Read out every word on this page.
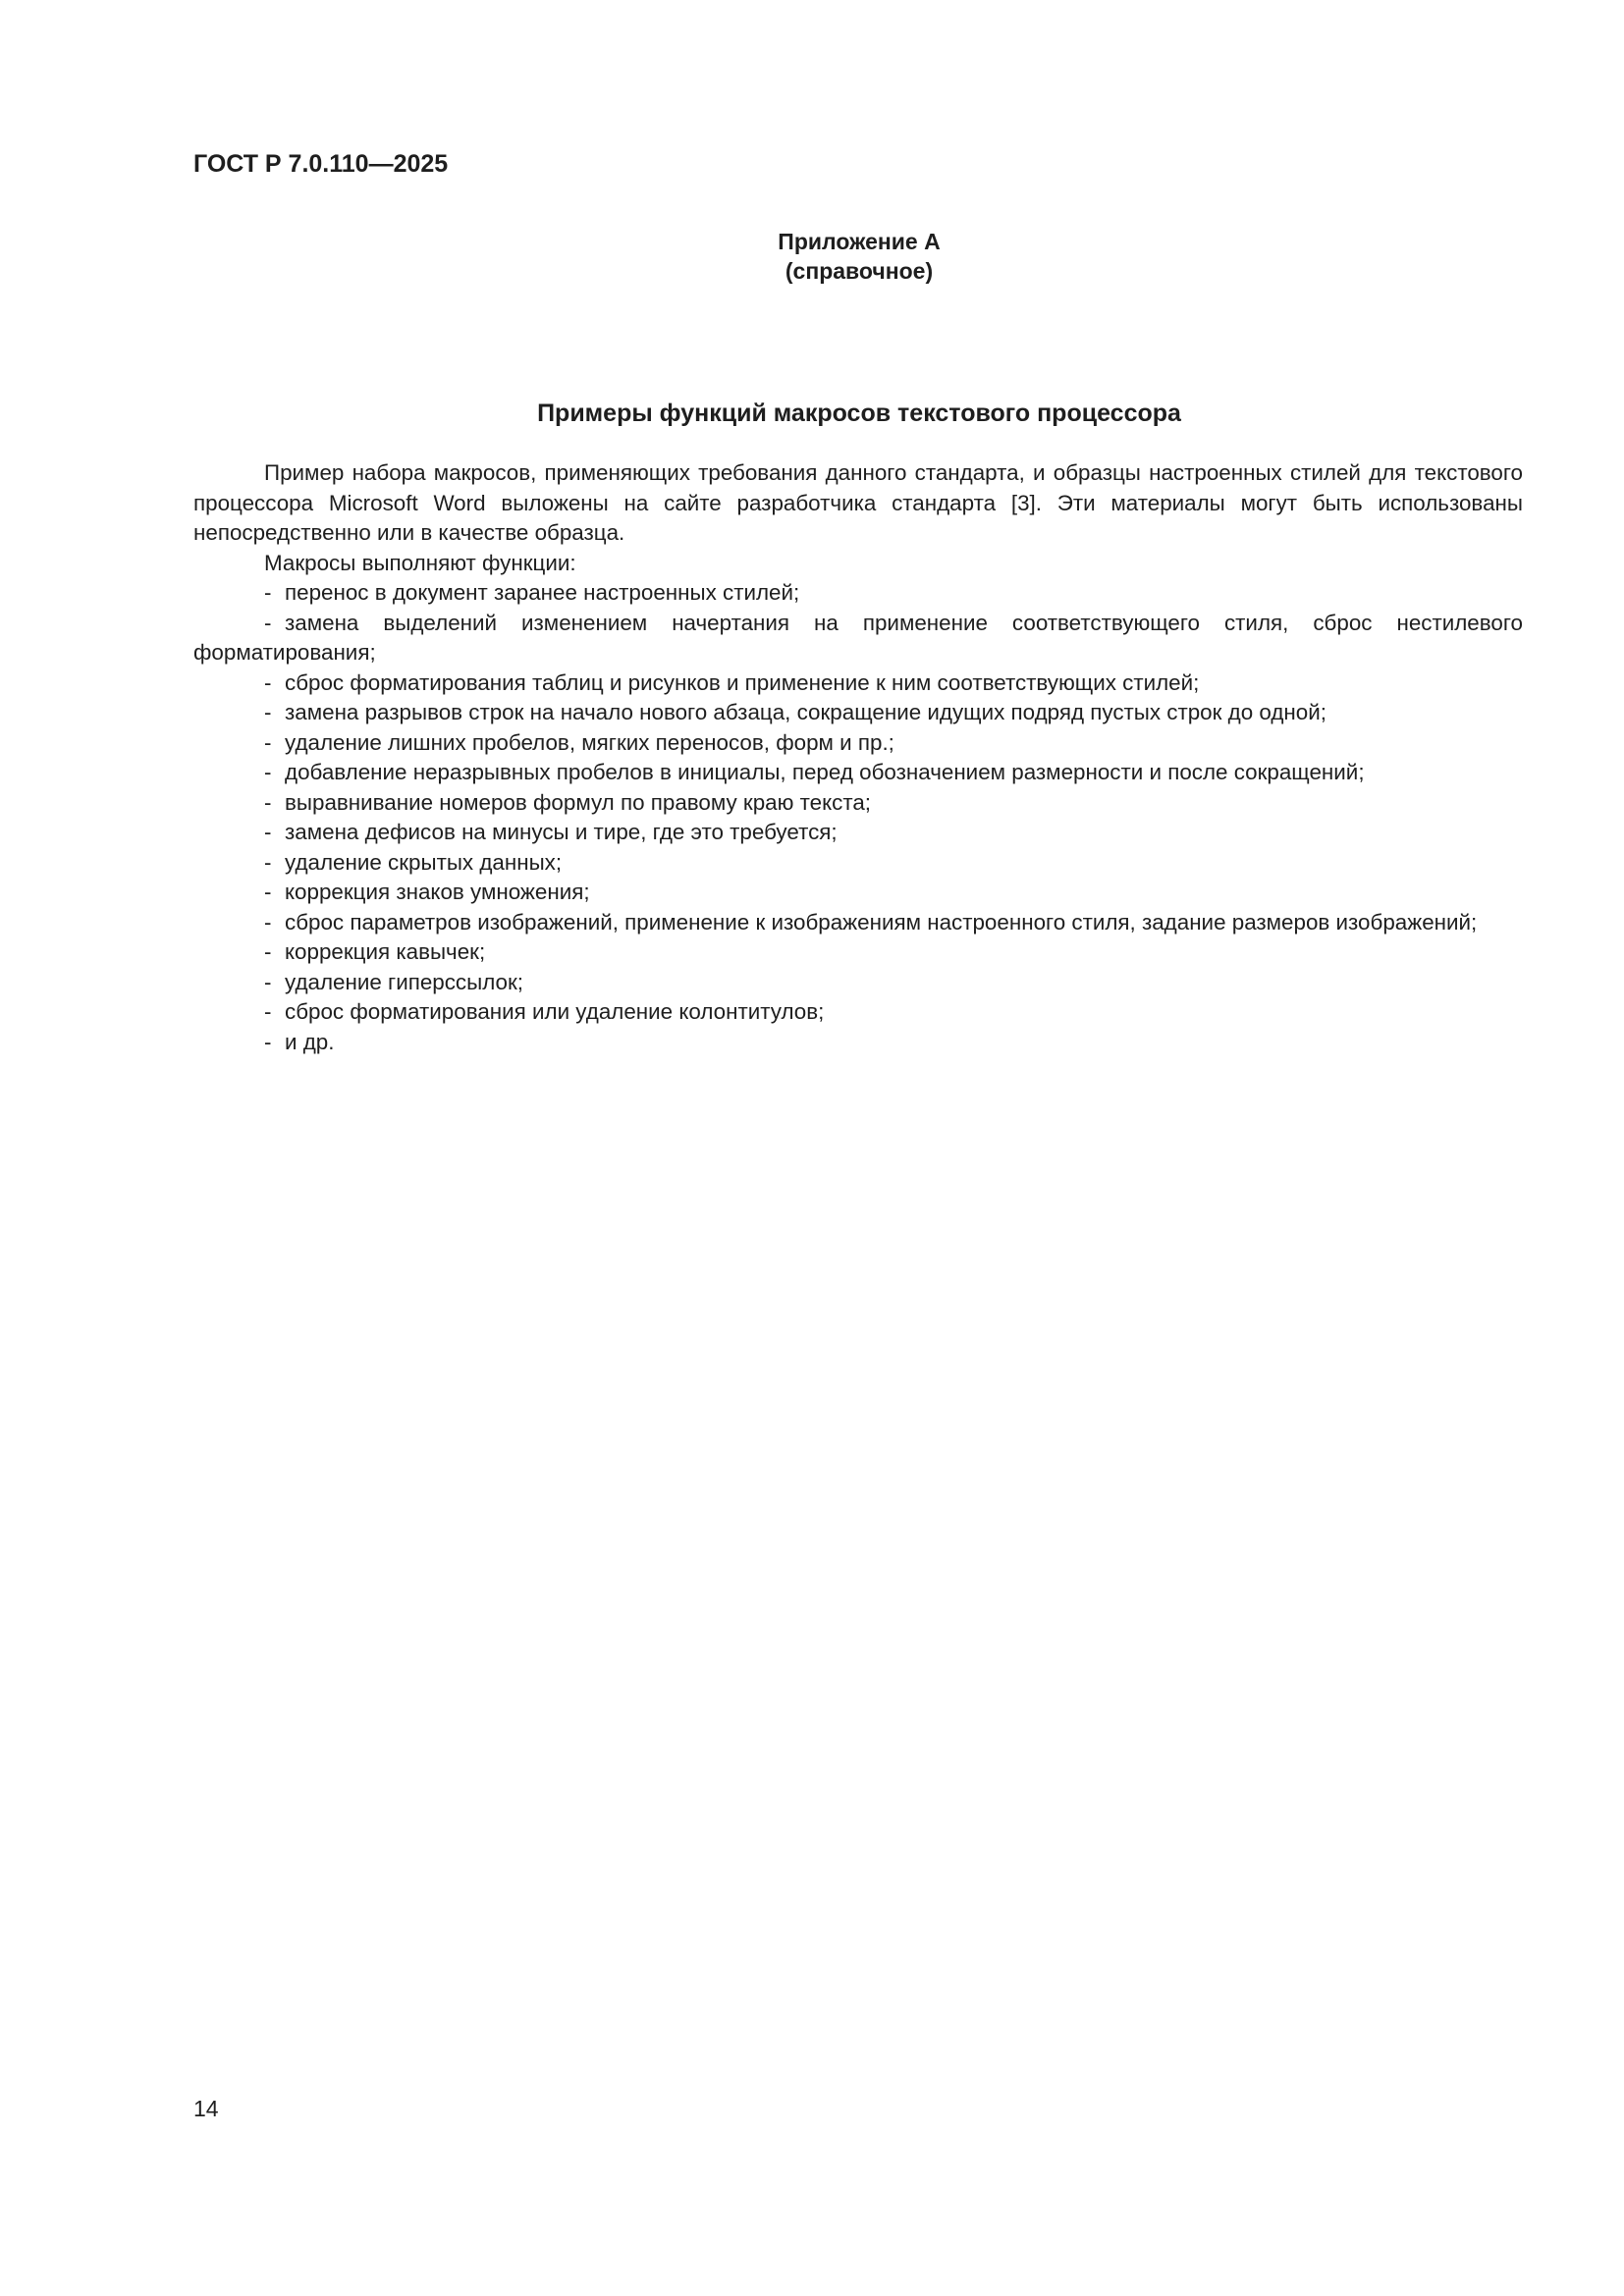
ГОСТ Р 7.0.110—2025
Приложение А
(справочное)
Примеры функций макросов текстового процессора

Пример набора макросов, применяющих требования данного стандарта, и образцы настроенных стилей для текстового процессора Microsoft Word выложены на сайте разработчика стандарта [3]. Эти материалы могут быть использованы непосредственно или в качестве образца.

Макросы выполняют функции:

- перенос в документ заранее настроенных стилей;
- замена выделений изменением начертания на применение соответствующего стиля, сброс нестилевого форматирования;
- сброс форматирования таблиц и рисунков и применение к ним соответствующих стилей;
- замена разрывов строк на начало нового абзаца, сокращение идущих подряд пустых строк до одной;
- удаление лишних пробелов, мягких переносов, форм и пр.;
- добавление неразрывных пробелов в инициалы, перед обозначением размерности и после сокращений;
- выравнивание номеров формул по правому краю текста;
- замена дефисов на минусы и тире, где это требуется;
- удаление скрытых данных;
- коррекция знаков умножения;
- сброс параметров изображений, применение к изображениям настроенного стиля, задание размеров изображений;
- коррекция кавычек;
- удаление гиперссылок;
- сброс форматирования или удаление колонтитулов;
- и др.
14
